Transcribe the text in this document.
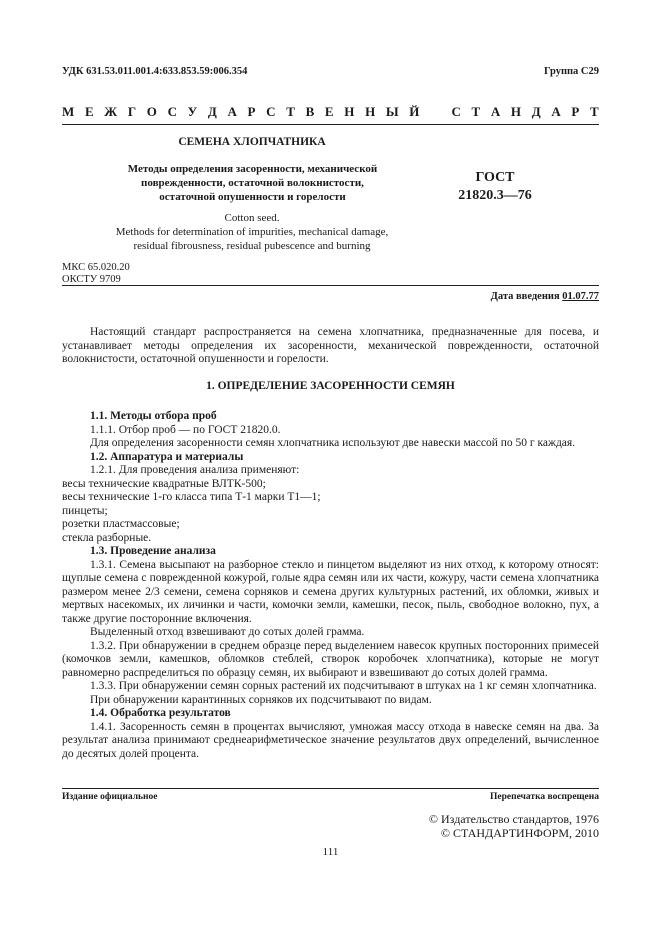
УДК 631.53.011.001.4:633.853.59:006.354	Группа С29
М Е Ж Г О С У Д А Р С Т В Е Н Н Ы Й С Т А Н Д А Р Т
СЕМЕНА ХЛОПЧАТНИКА
Методы определения засоренности, механической
поврежденности, остаточной волокнистости,
остаточной опушенности и горелости
ГОСТ
21820.3—76
Cotton seed.
Methods for determination of impurities, mechanical damage,
residual fibrousness, residual pubescence and burning
МКС 65.020.20
ОКСТУ 9709
Дата введения 01.07.77

Настоящий стандарт распространяется на семена хлопчатника, предназначенные для посева, и устанавливает методы определения их засоренности, механической поврежденности, остаточной волокнистости, остаточной опушенности и горелости.

1. ОПРЕДЕЛЕНИЕ ЗАСОРЕННОСТИ СЕМЯН

1.1. Методы отбора проб

1.1.1. Отбор проб — по ГОСТ 21820.0.

Для определения засоренности семян хлопчатника используют две навески массой по 50 г каждая.

1.2. Аппаратура и материалы

1.2.1. Для проведения анализа применяют:

весы технические квадратные ВЛТК-500;

весы технические 1-го класса типа Т-1 марки Т1—1;

пинцеты;

розетки пластмассовые;

стекла разборные.

1.3. Проведение анализа

1.3.1. Семена высыпают на разборное стекло и пинцетом выделяют из них отход, к которому относят: щуплые семена с поврежденной кожурой, голые ядра семян или их части, кожуру, части семена хлопчатника размером менее 2/3 семени, семена сорняков и семена других культурных растений, их обломки, живых и мертвых насекомых, их личинки и части, комочки земли, камешки, песок, пыль, свободное волокно, пух, а также другие посторонние включения.

Выделенный отход взвешивают до сотых долей грамма.

1.3.2. При обнаружении в среднем образце перед выделением навесок крупных посторонних примесей (комочков земли, камешков, обломков стеблей, створок коробочек хлопчатника), которые не могут равномерно распределиться по образцу семян, их выбирают и взвешивают до сотых долей грамма.

1.3.3. При обнаружении семян сорных растений их подсчитывают в штуках на 1 кг семян хлопчатника.

При обнаружении карантинных сорняков их подсчитывают по видам.

1.4. Обработка результатов

1.4.1. Засоренность семян в процентах вычисляют, умножая массу отхода в навеске семян на два. За результат анализа принимают среднеарифметическое значение результатов двух определений, вычисленное до десятых долей процента.

Издание официальное	Перепечатка воспрещена
© Издательство стандартов, 1976
© СТАНДАРТИНФОРМ, 2010
111
